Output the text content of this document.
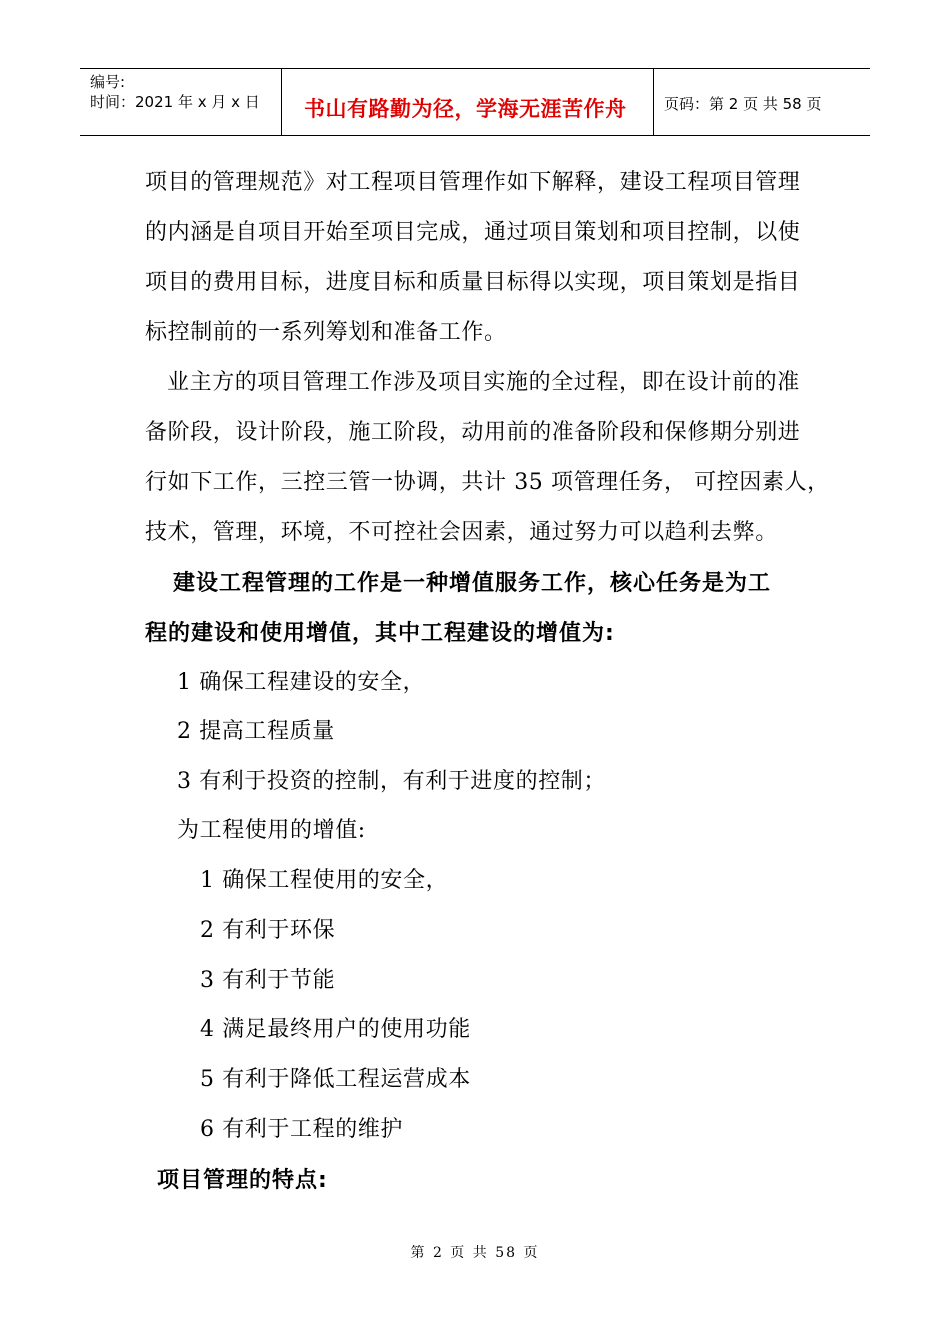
编号:
时间：2021 年 x 月 x 日 书山有路勤为径，学海无涯苦作舟	页码：第 2 页 共 58 页
项目的管理规范》对工程项目管理作如下解释，建设工程项目管理
的内涵是自项目开始至项目完成，通过项目策划和项目控制，以使
项目的费用目标，进度目标和质量目标得以实现，项目策划是指目
标控制前的一系列筹划和准备工作。
业主方的项目管理工作涉及项目实施的全过程，即在设计前的准
备阶段，设计阶段，施工阶段，动用前的准备阶段和保修期分别进
行如下工作，三控三管一协调，共计 35 项管理任务， 可控因素人，
技术，管理，环境，不可控社会因素，通过努力可以趋利去弊。
建设工程管理的工作是一种增值服务工作，核心任务是为工
程的建设和使用增值，其中工程建设的增值为:
1 确保工程建设的安全，
2 提高工程质量
3 有利于投资的控制，有利于进度的控制；
为工程使用的增值:
1 确保工程使用的安全，
2 有利于环保
3 有利于节能
4 满足最终用户的使用功能
5 有利于降低工程运营成本
6 有利于工程的维护
项目管理的特点:
第 2 页 共 58 页
